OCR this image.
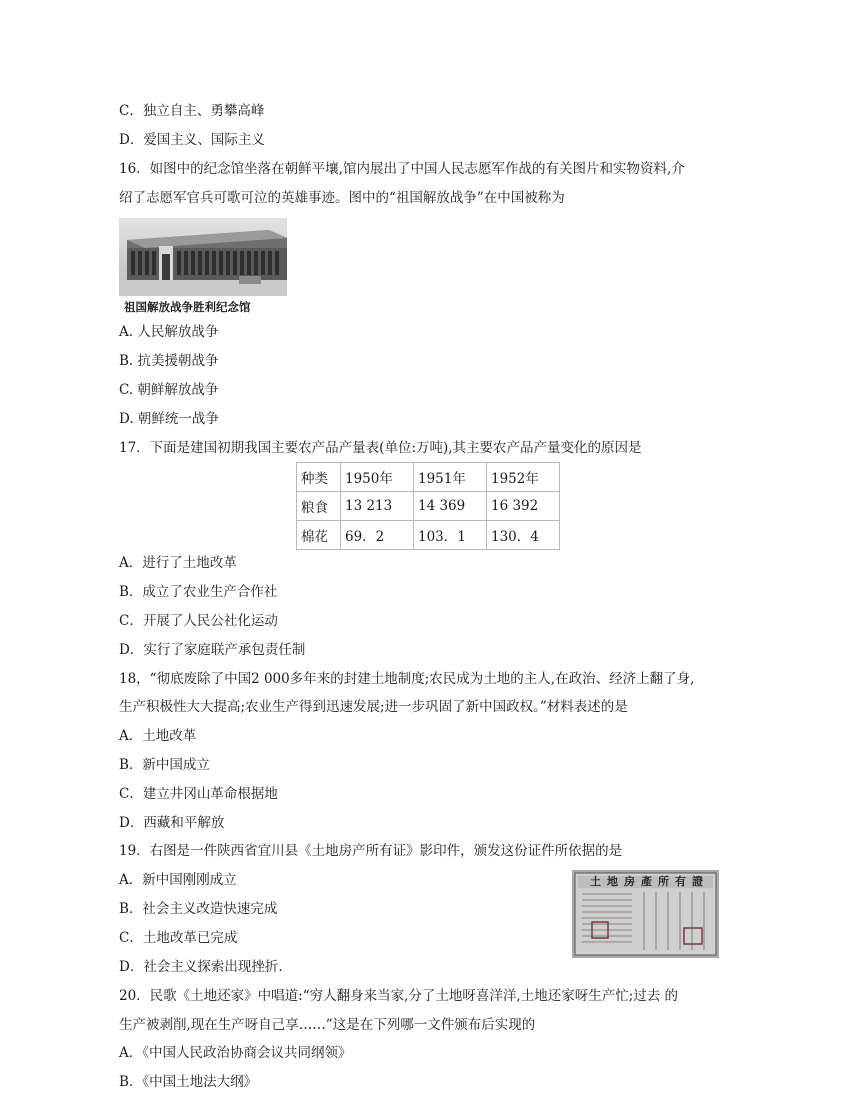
C．独立自主、勇攀高峰
D．爱国主义、国际主义
16．如图中的纪念馆坐落在朝鲜平壤,馆内展出了中国人民志愿军作战的有关图片和实物资料,介
绍了志愿军官兵可歌可泣的英雄事迹。图中的“祖国解放战争”在中国被称为
祖国解放战争胜利纪念馆
A. 人民解放战争
B. 抗美援朝战争
C. 朝鲜解放战争
D. 朝鲜统一战争
17．下面是建国初期我国主要农产品产量表(单位:万吨),其主要农产品产量变化的原因是
种类	1950年	1951年	1952年
粮食	13 213	14 369	16 392
棉花	69．2	103．1	130．4
A．进行了土地改革
B．成立了农业生产合作社
C．开展了人民公社化运动
D．实行了家庭联产承包责任制
18，“彻底废除了中国2 000多年来的封建土地制度;农民成为土地的主人,在政治、经济上翻了身,
生产积极性大大提高;农业生产得到迅速发展;进一步巩固了新中国政权。”材料表述的是
A．土地改革
B．新中国成立
C．建立井冈山革命根据地
D．西藏和平解放
19．右图是一件陕西省宜川县《土地房产所有证》影印件，颁发这份证件所依据的是
A．新中国刚刚成立
B．社会主义改造快速完成
C．土地改革已完成
D．社会主义探索出现挫折.
土地房產所有證
20．民歌《土地还家》中唱道:“穷人翻身来当家,分了土地呀喜洋洋,土地还家呀生产忙;过去 的
生产被剥削,现在生产呀自己享……”这是在下列哪一文件颁布后实现的
A．《中国人民政治协商会议共同纲领》
B．《中国土地法大纲》
